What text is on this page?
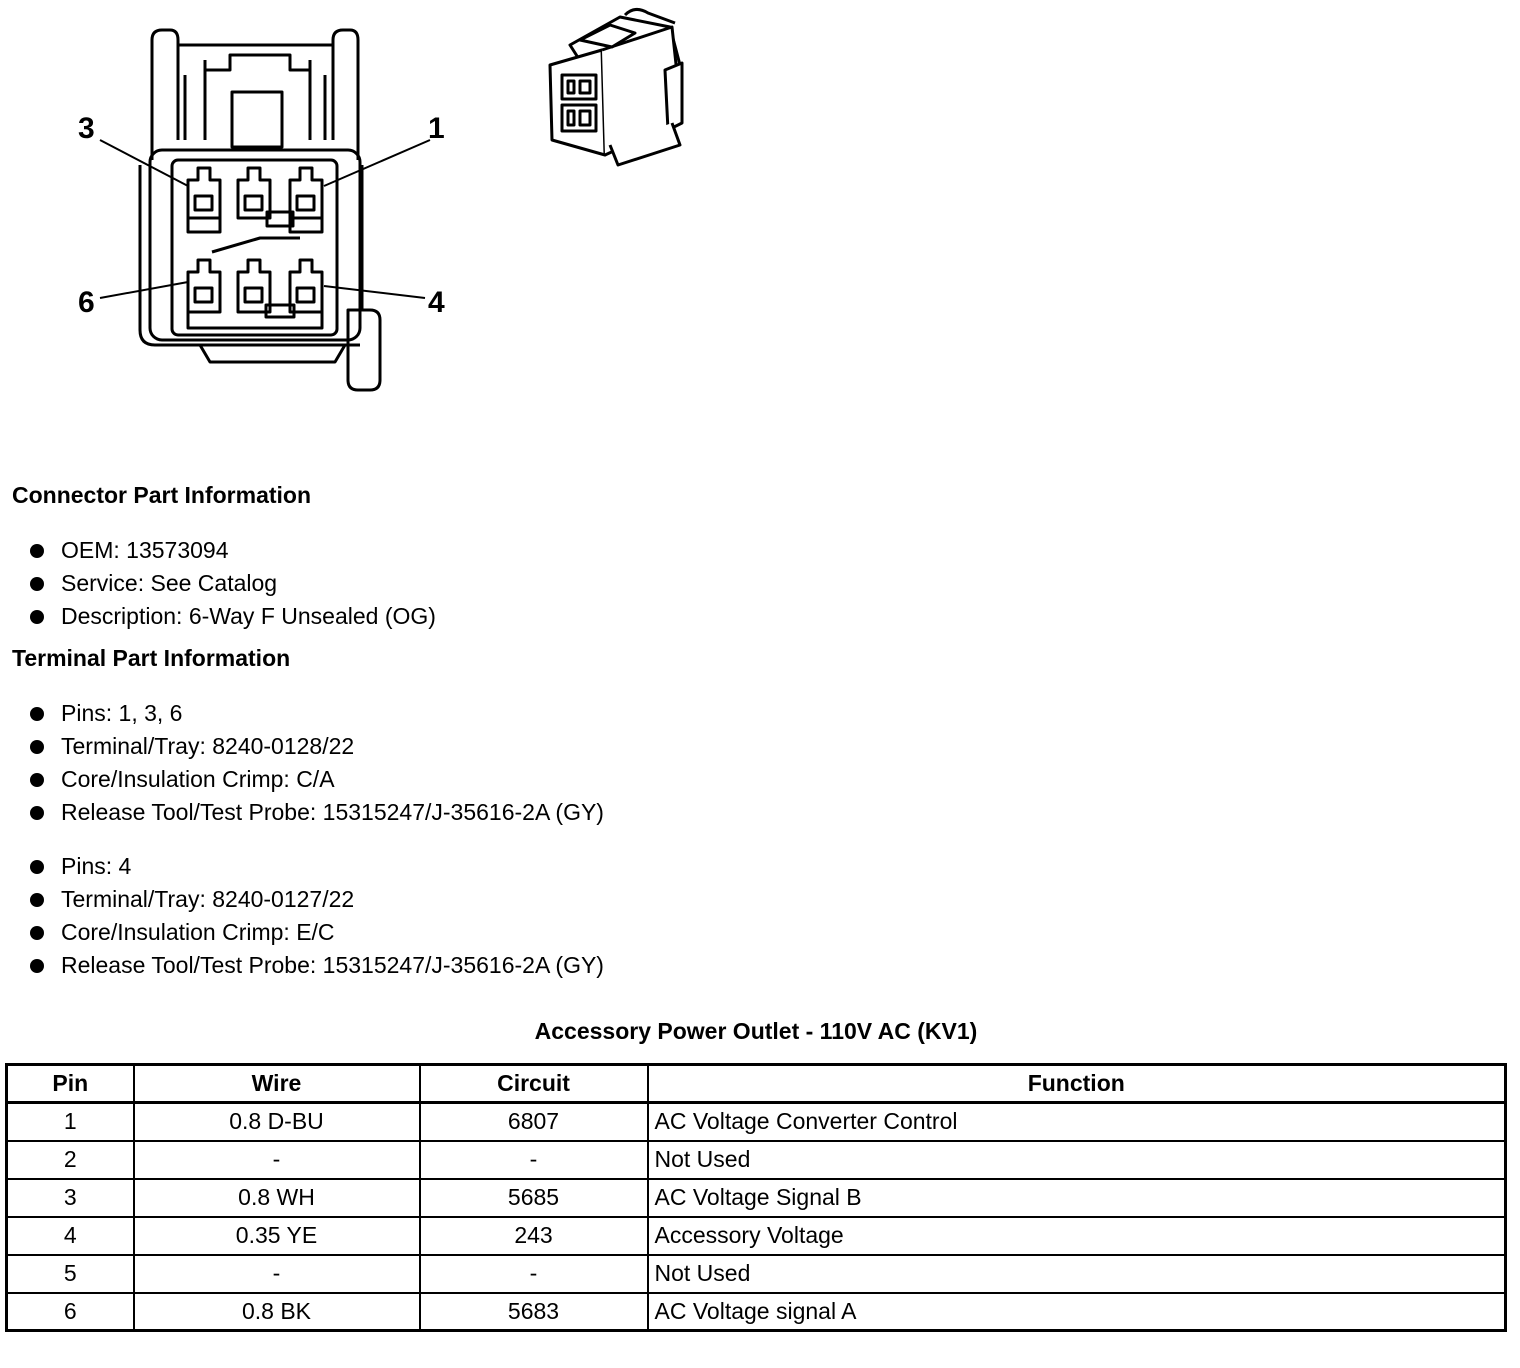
3	1
6	4
Connector Part Information
OEM: 13573094
Service: See Catalog
Description: 6-Way F Unsealed (OG)
Terminal Part Information
Pins: 1, 3, 6
Terminal/Tray: 8240-0128/22
Core/Insulation Crimp: C/A
Release Tool/Test Probe: 15315247/J-35616-2A (GY)
Pins: 4
Terminal/Tray: 8240-0127/22
Core/Insulation Crimp: E/C
Release Tool/Test Probe: 15315247/J-35616-2A (GY)
Accessory Power Outlet - 110V AC (KV1)
Pin	Wire	Circuit	Function
1	0.8 D-BU	6807	AC Voltage Converter Control
2	-	-	Not Used
3	0.8 WH	5685	AC Voltage Signal B
4	0.35 YE	243	Accessory Voltage
5	-	-	Not Used
6	0.8 BK	5683	AC Voltage signal A
